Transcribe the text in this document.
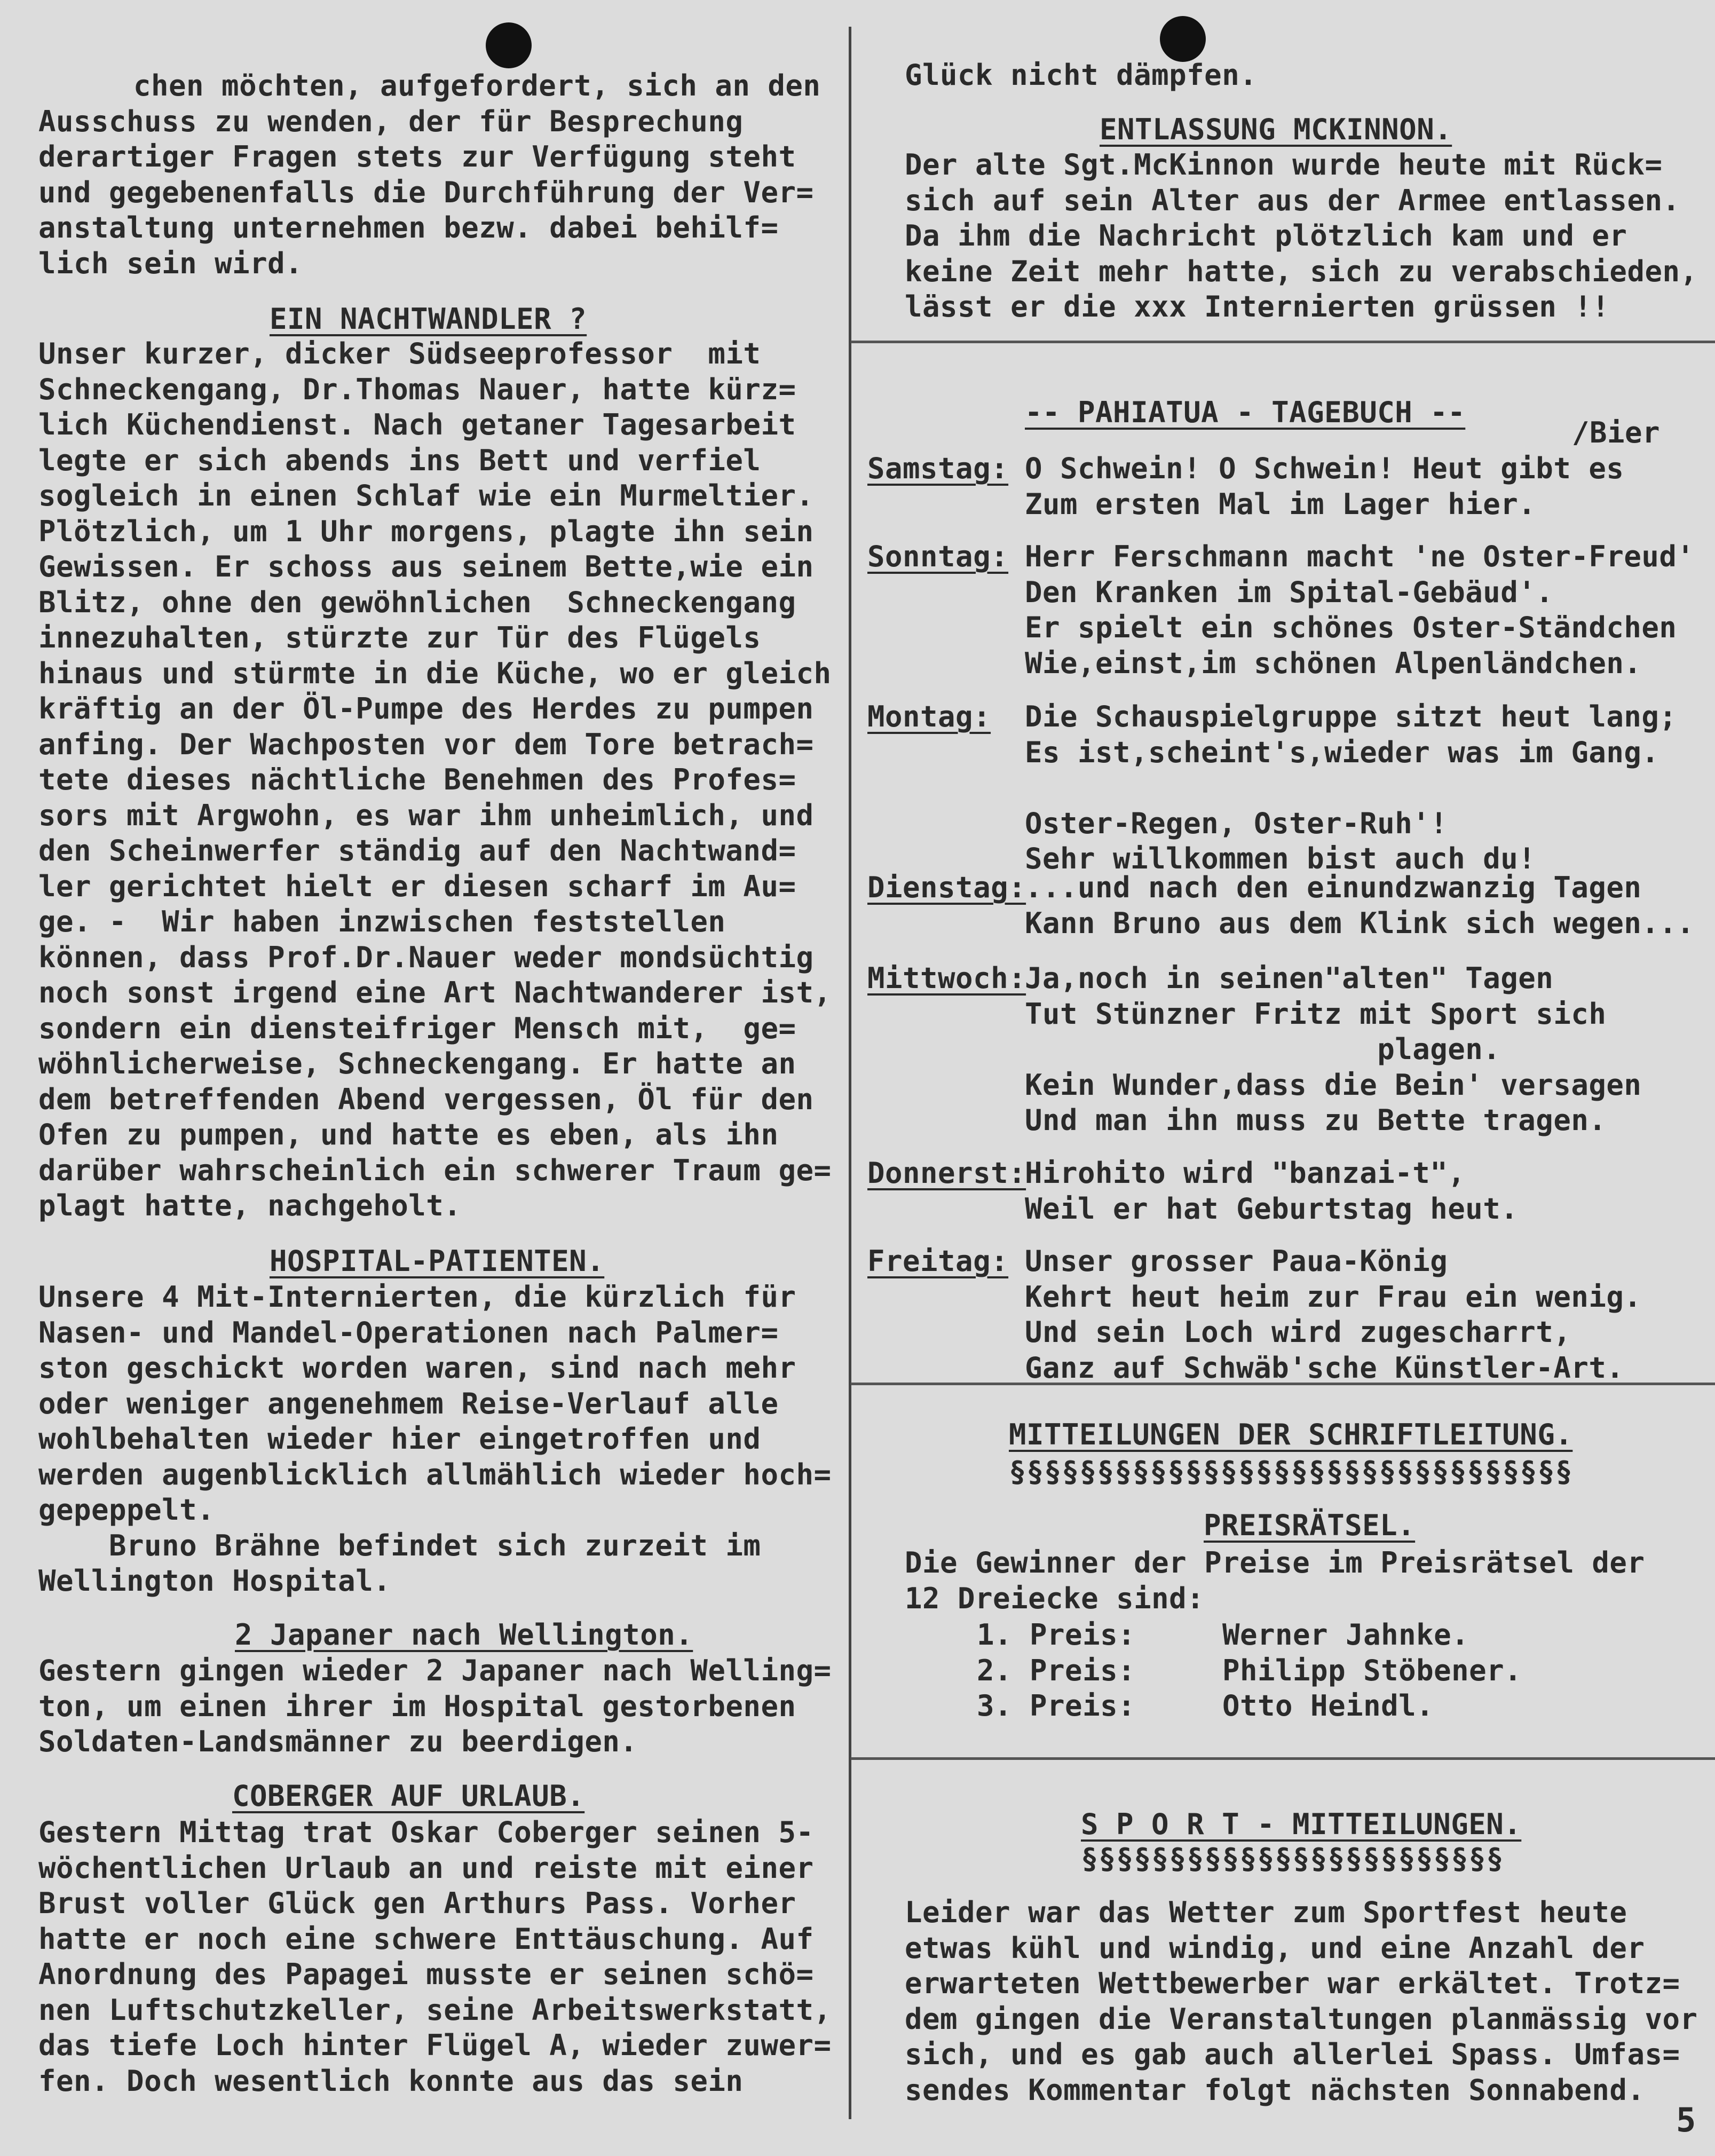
chen möchten, aufgefordert, sich an den
Ausschuss zu wenden, der für Besprechung
derartiger Fragen stets zur Verfügung steht
und gegebenenfalls die Durchführung der Ver=
anstaltung unternehmen bezw. dabei behilf=
lich sein wird.
EIN NACHTWANDLER ?
Unser kurzer, dicker Südseeprofessor  mit
Schneckengang, Dr.Thomas Nauer, hatte kürz=
lich Küchendienst. Nach getaner Tagesarbeit
legte er sich abends ins Bett und verfiel
sogleich in einen Schlaf wie ein Murmeltier.
Plötzlich, um 1 Uhr morgens, plagte ihn sein
Gewissen. Er schoss aus seinem Bette,wie ein
Blitz, ohne den gewöhnlichen  Schneckengang
innezuhalten, stürzte zur Tür des Flügels
hinaus und stürmte in die Küche, wo er gleich
kräftig an der Öl-Pumpe des Herdes zu pumpen
anfing. Der Wachposten vor dem Tore betrach=
tete dieses nächtliche Benehmen des Profes=
sors mit Argwohn, es war ihm unheimlich, und
den Scheinwerfer ständig auf den Nachtwand=
ler gerichtet hielt er diesen scharf im Au=
ge. -  Wir haben inzwischen feststellen
können, dass Prof.Dr.Nauer weder mondsüchtig
noch sonst irgend eine Art Nachtwanderer ist,
sondern ein diensteifriger Mensch mit,  ge=
wöhnlicherweise, Schneckengang. Er hatte an
dem betreffenden Abend vergessen, Öl für den
Ofen zu pumpen, und hatte es eben, als ihn
darüber wahrscheinlich ein schwerer Traum ge=
plagt hatte, nachgeholt.
HOSPITAL-PATIENTEN.
Unsere 4 Mit-Internierten, die kürzlich für
Nasen- und Mandel-Operationen nach Palmer=
ston geschickt worden waren, sind nach mehr
oder weniger angenehmem Reise-Verlauf alle
wohlbehalten wieder hier eingetroffen und
werden augenblicklich allmählich wieder hoch=
gepeppelt.
Bruno Brähne befindet sich zurzeit im
Wellington Hospital.
2 Japaner nach Wellington.
Gestern gingen wieder 2 Japaner nach Welling=
ton, um einen ihrer im Hospital gestorbenen
Soldaten-Landsmänner zu beerdigen.
COBERGER AUF URLAUB.
Gestern Mittag trat Oskar Coberger seinen 5-
wöchentlichen Urlaub an und reiste mit einer
Brust voller Glück gen Arthurs Pass. Vorher
hatte er noch eine schwere Enttäuschung. Auf
Anordnung des Papagei musste er seinen schö=
nen Luftschutzkeller, seine Arbeitswerkstatt,
das tiefe Loch hinter Flügel A, wieder zuwer=
fen. Doch wesentlich konnte aus das sein
Glück nicht dämpfen.
ENTLASSUNG MCKINNON.
Der alte Sgt.McKinnon wurde heute mit Rück=
sich auf sein Alter aus der Armee entlassen.
Da ihm die Nachricht plötzlich kam und er
keine Zeit mehr hatte, sich zu verabschieden,
lässt er die xxx Internierten grüssen !!
-- PAHIATUA - TAGEBUCH --
/Bier
Samstag: O Schwein! O Schwein! Heut gibt es
Zum ersten Mal im Lager hier.
Sonntag: Herr Ferschmann macht 'ne Oster-Freud'
Den Kranken im Spital-Gebäud'.
Er spielt ein schönes Oster-Ständchen
Wie,einst,im schönen Alpenländchen.
Montag: Die Schauspielgruppe sitzt heut lang;
Es ist,scheint's,wieder was im Gang.
Oster-Regen, Oster-Ruh'!
Sehr willkommen bist auch du!
Dienstag:
...und nach den einundzwanzig Tagen
Kann Bruno aus dem Klink sich wegen...
Mittwoch:
Ja,noch in seinen"alten" Tagen
Tut Stünzner Fritz mit Sport sich
plagen.
Kein Wunder,dass die Bein' versagen
Und man ihn muss zu Bette tragen.
Donnerst:
Hirohito wird "banzai-t",
Weil er hat Geburtstag heut.
Freitag: Unser grosser Paua-König
Kehrt heut heim zur Frau ein wenig.
Und sein Loch wird zugescharrt,
Ganz auf Schwäb'sche Künstler-Art.
MITTEILUNGEN DER SCHRIFTLEITUNG.
§§§§§§§§§§§§§§§§§§§§§§§§§§§§§§§§
PREISRÄTSEL.
Die Gewinner der Preise im Preisrätsel der
12 Dreiecke sind:
1. Preis:	Werner Jahnke.
2. Preis:	Philipp Stöbener.
3. Preis:	Otto Heindl.
S P O R T - MITTEILUNGEN.
§§§§§§§§§§§§§§§§§§§§§§§§
Leider war das Wetter zum Sportfest heute
etwas kühl und windig, und eine Anzahl der
erwarteten Wettbewerber war erkältet. Trotz=
dem gingen die Veranstaltungen planmässig vor
sich, und es gab auch allerlei Spass. Umfas=
sendes Kommentar folgt nächsten Sonnabend.
5
